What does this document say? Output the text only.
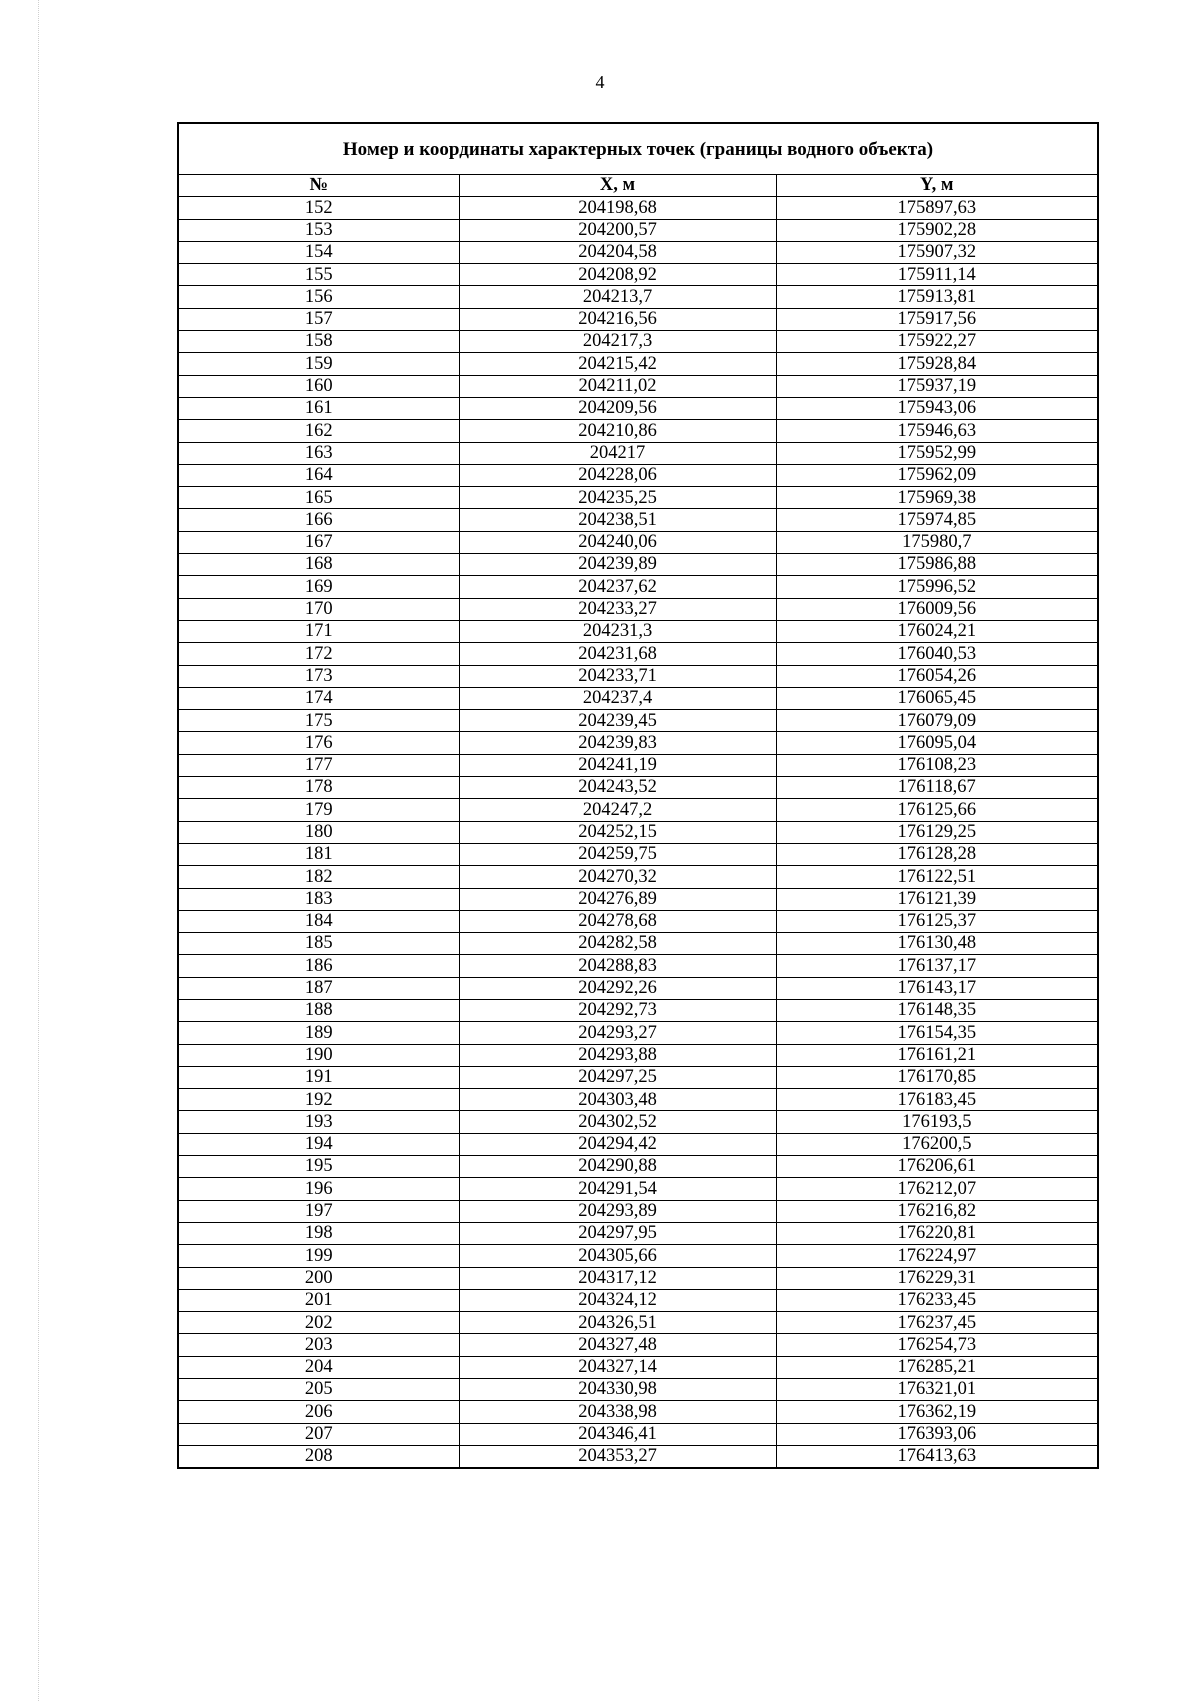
4
Номер и координаты характерных точек (границы водного объекта)		
№	X, м	Y, м
152	204198,68	175897,63
153	204200,57	175902,28
154	204204,58	175907,32
155	204208,92	175911,14
156	204213,7	175913,81
157	204216,56	175917,56
158	204217,3	175922,27
159	204215,42	175928,84
160	204211,02	175937,19
161	204209,56	175943,06
162	204210,86	175946,63
163	204217	175952,99
164	204228,06	175962,09
165	204235,25	175969,38
166	204238,51	175974,85
167	204240,06	175980,7
168	204239,89	175986,88
169	204237,62	175996,52
170	204233,27	176009,56
171	204231,3	176024,21
172	204231,68	176040,53
173	204233,71	176054,26
174	204237,4	176065,45
175	204239,45	176079,09
176	204239,83	176095,04
177	204241,19	176108,23
178	204243,52	176118,67
179	204247,2	176125,66
180	204252,15	176129,25
181	204259,75	176128,28
182	204270,32	176122,51
183	204276,89	176121,39
184	204278,68	176125,37
185	204282,58	176130,48
186	204288,83	176137,17
187	204292,26	176143,17
188	204292,73	176148,35
189	204293,27	176154,35
190	204293,88	176161,21
191	204297,25	176170,85
192	204303,48	176183,45
193	204302,52	176193,5
194	204294,42	176200,5
195	204290,88	176206,61
196	204291,54	176212,07
197	204293,89	176216,82
198	204297,95	176220,81
199	204305,66	176224,97
200	204317,12	176229,31
201	204324,12	176233,45
202	204326,51	176237,45
203	204327,48	176254,73
204	204327,14	176285,21
205	204330,98	176321,01
206	204338,98	176362,19
207	204346,41	176393,06
208	204353,27	176413,63
